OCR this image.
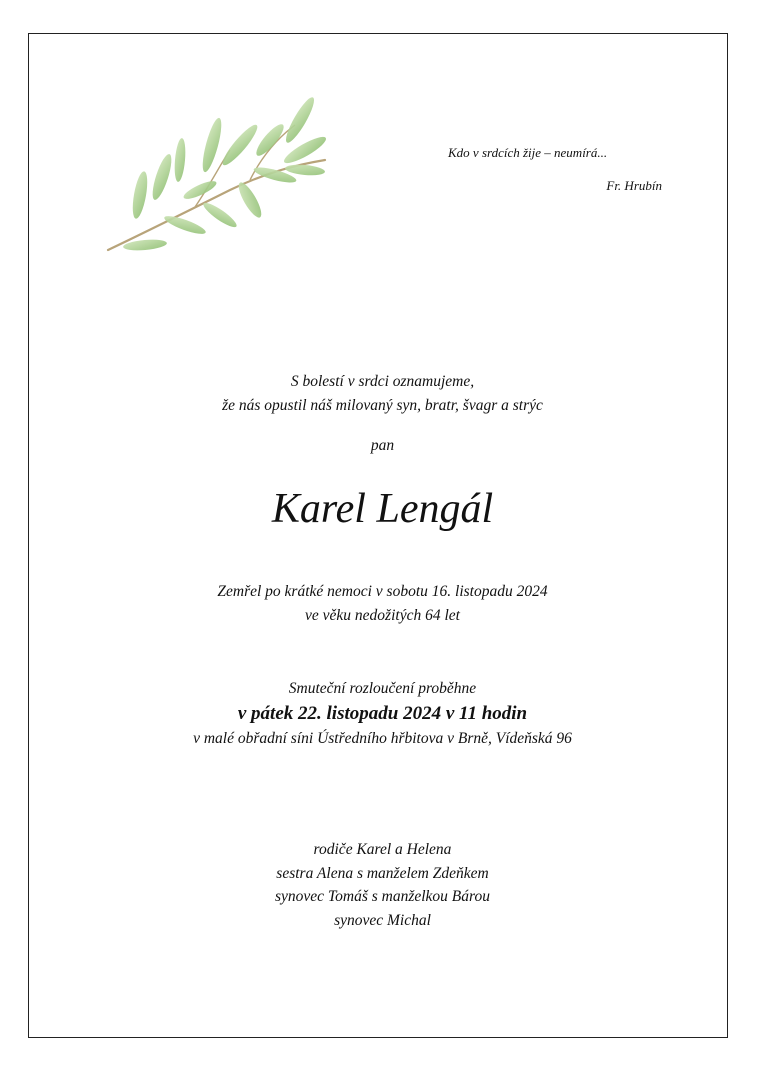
Kdo v srdcích žije – neumírá...
Fr. Hrubín
S bolestí v srdci oznamujeme,
že nás opustil náš milovaný syn, bratr, švagr a strýc
pan
Karel Lengál
Zemřel po krátké nemoci v sobotu 16. listopadu 2024
ve věku nedožitých 64 let
Smuteční rozloučení proběhne
v pátek 22. listopadu 2024 v 11 hodin
v malé obřadní síni Ústředního hřbitova v Brně, Vídeňská 96
rodiče Karel a Helena
sestra Alena s manželem Zdeňkem
synovec Tomáš s manželkou Bárou
synovec Michal
